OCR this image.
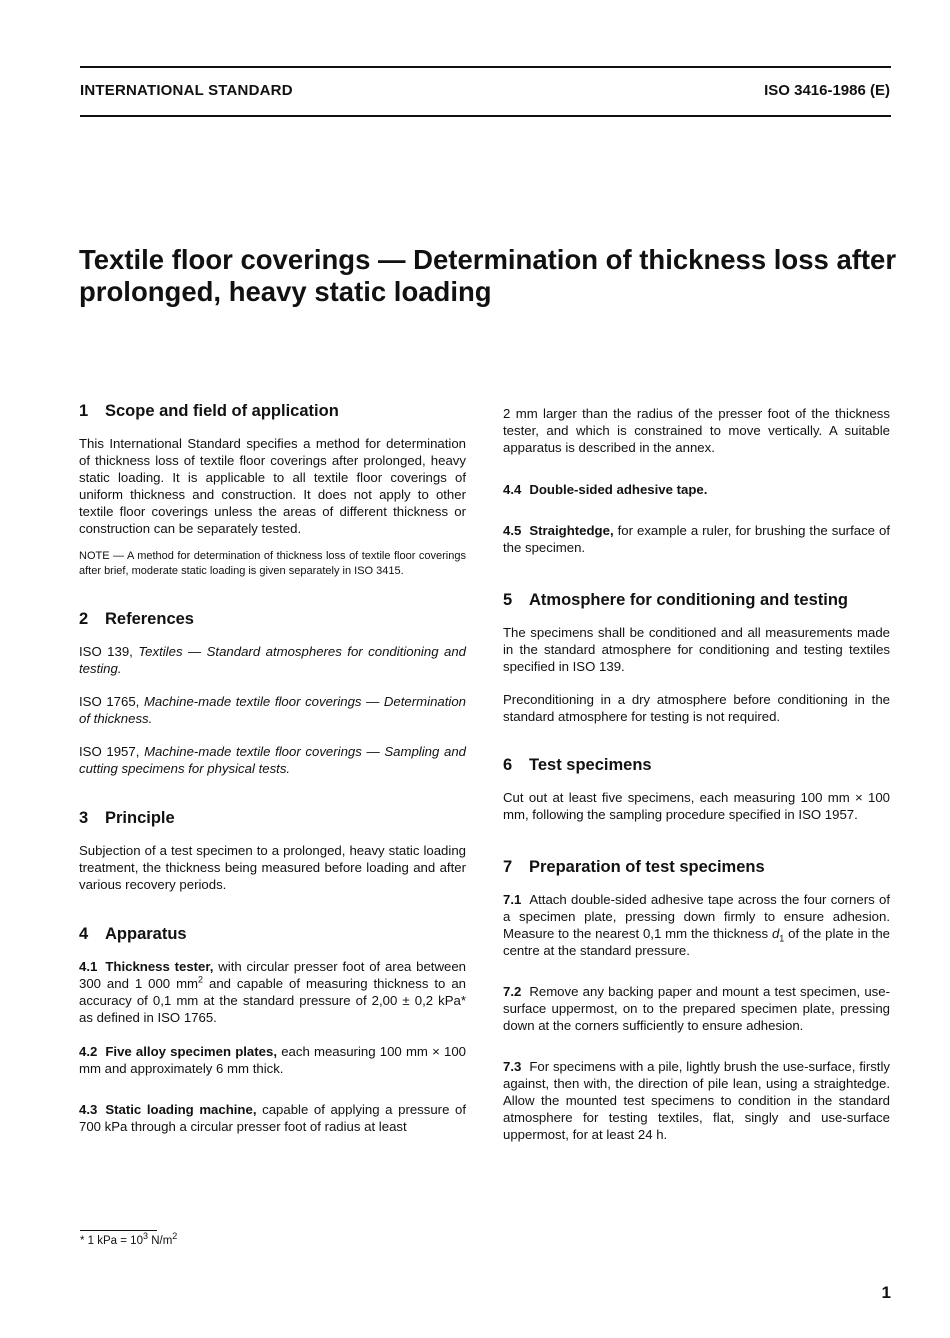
INTERNATIONAL STANDARD	ISO 3416-1986 (E)
Textile floor coverings — Determination of thickness loss after prolonged, heavy static loading
1 Scope and field of application

This International Standard specifies a method for determination of thickness loss of textile floor coverings after prolonged, heavy static loading. It is applicable to all textile floor coverings of uniform thickness and construction. It does not apply to other textile floor coverings unless the areas of different thickness or construction can be separately tested.

NOTE — A method for determination of thickness loss of textile floor coverings after brief, moderate static loading is given separately in ISO 3415.

2 References

ISO 139, Textiles — Standard atmospheres for conditioning and testing.

ISO 1765, Machine-made textile floor coverings — Determination of thickness.

ISO 1957, Machine-made textile floor coverings — Sampling and cutting specimens for physical tests.

3 Principle

Subjection of a test specimen to a prolonged, heavy static loading treatment, the thickness being measured before loading and after various recovery periods.

4 Apparatus

4.1 Thickness tester, with circular presser foot of area between 300 and 1 000 $mm^2$ and capable of measuring thickness to an accuracy of 0,1 mm at the standard pressure of 2,00 ± 0,2 kPa* as defined in ISO 1765.

4.2 Five alloy specimen plates, each measuring 100 mm × 100 mm and approximately 6 mm thick.

4.3 Static loading machine, capable of applying a pressure of 700 kPa through a circular presser foot of radius at least

2 mm larger than the radius of the presser foot of the thickness tester, and which is constrained to move vertically. A suitable apparatus is described in the annex.

4.4 Double-sided adhesive tape.

4.5 Straightedge, for example a ruler, for brushing the surface of the specimen.

5 Atmosphere for conditioning and testing

The specimens shall be conditioned and all measurements made in the standard atmosphere for conditioning and testing textiles specified in ISO 139.

Preconditioning in a dry atmosphere before conditioning in the standard atmosphere for testing is not required.

6 Test specimens

Cut out at least five specimens, each measuring 100 mm × 100 mm, following the sampling procedure specified in ISO 1957.

7 Preparation of test specimens

7.1 Attach double-sided adhesive tape across the four corners of a specimen plate, pressing down firmly to ensure adhesion. Measure to the nearest 0,1 mm the thickness $d_1$ of the plate in the centre at the standard pressure.

7.2 Remove any backing paper and mount a test specimen, use-surface uppermost, on to the prepared specimen plate, pressing down at the corners sufficiently to ensure adhesion.

7.3 For specimens with a pile, lightly brush the use-surface, firstly against, then with, the direction of pile lean, using a straightedge. Allow the mounted test specimens to condition in the standard atmosphere for testing textiles, flat, singly and use-surface uppermost, for at least 24 h.

* 1 kPa = $10^3$ $N/m^2$
1
